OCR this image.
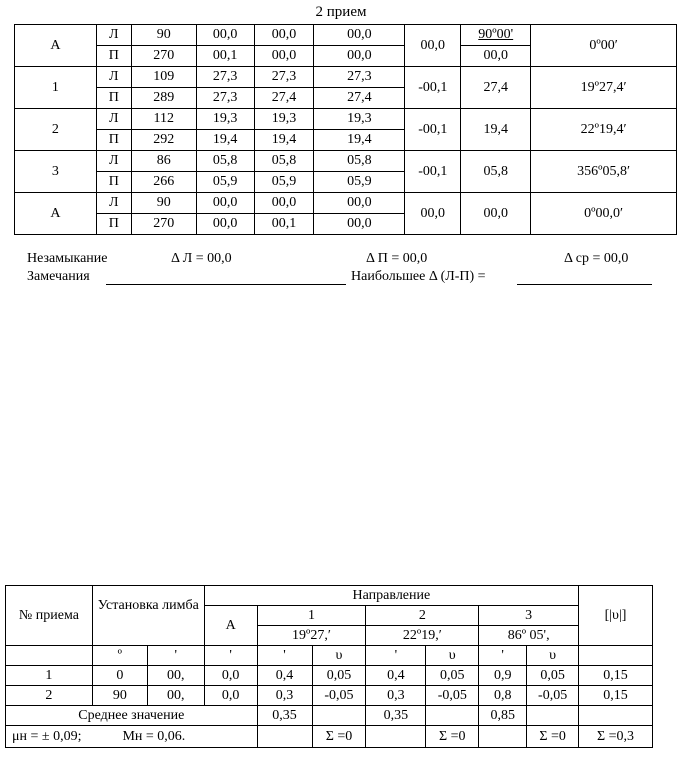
2 прием
А	Л	90	00,0	00,0	00,0	00,0	90º00'	0º00′
	П	270	00,1	00,0	00,0		00,0	
1	Л	109	27,3	27,3	27,3	-00,1	27,4	19º27,4′
	П	289	27,3	27,4	27,4			
2	Л	112	19,3	19,3	19,3	-00,1	19,4	22º19,4′
	П	292	19,4	19,4	19,4			
3	Л	86	05,8	05,8	05,8	-00,1	05,8	356º05,8′
	П	266	05,9	05,9	05,9			
А	Л	90	00,0	00,0	00,0	00,0	00,0	0º00,0′
	П	270	00,0	00,1	00,0			
Незамыкание	Δ Л = 00,0	Δ П = 00,0	Δ ср = 00,0
Замечания	Наибольшее Δ (Л-П) =
№ приема	Установка лимба		Направление							[|υ|]
			А	1		2		3		
				19º27,′		22º19,′		86º 05',		
	º	'	'	'	υ	'	υ	'	υ	
1	0	00,	0,0	0,4	0,05	0,4	0,05	0,9	0,05	0,15
2	90	00,	0,0	0,3	-0,05	0,3	-0,05	0,8	-0,05	0,15
Среднее значение				0,35		0,35		0,85		
μн = ± 0,09; Мн = 0,06.					Σ =0		Σ =0		Σ =0	Σ =0,3
